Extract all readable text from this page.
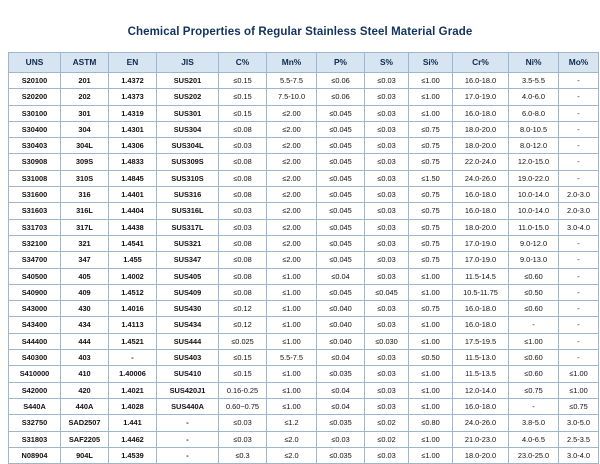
Chemical Properties of Regular Stainless Steel Material Grade
UNS	ASTM	EN	JIS	C%	Mn%	P%	S%	Si%	Cr%	Ni%	Mo%
S20100	201	1.4372	SUS201	≤0.15	5.5-7.5	≤0.06	≤0.03	≤1.00	16.0-18.0	3.5-5.5	-
S20200	202	1.4373	SUS202	≤0.15	7.5-10.0	≤0.06	≤0.03	≤1.00	17.0-19.0	4.0-6.0	-
S30100	301	1.4319	SUS301	≤0.15	≤2.00	≤0.045	≤0.03	≤1.00	16.0-18.0	6.0-8.0	-
S30400	304	1.4301	SUS304	≤0.08	≤2.00	≤0.045	≤0.03	≤0.75	18.0-20.0	8.0-10.5	-
S30403	304L	1.4306	SUS304L	≤0.03	≤2.00	≤0.045	≤0.03	≤0.75	18.0-20.0	8.0-12.0	-
S30908	309S	1.4833	SUS309S	≤0.08	≤2.00	≤0.045	≤0.03	≤0.75	22.0-24.0	12.0-15.0	-
S31008	310S	1.4845	SUS310S	≤0.08	≤2.00	≤0.045	≤0.03	≤1.50	24.0-26.0	19.0-22.0	-
S31600	316	1.4401	SUS316	≤0.08	≤2.00	≤0.045	≤0.03	≤0.75	16.0-18.0	10.0-14.0	2.0-3.0
S31603	316L	1.4404	SUS316L	≤0.03	≤2.00	≤0.045	≤0.03	≤0.75	16.0-18.0	10.0-14.0	2.0-3.0
S31703	317L	1.4438	SUS317L	≤0.03	≤2.00	≤0.045	≤0.03	≤0.75	18.0-20.0	11.0-15.0	3.0-4.0
S32100	321	1.4541	SUS321	≤0.08	≤2.00	≤0.045	≤0.03	≤0.75	17.0-19.0	9.0-12.0	-
S34700	347	1.455	SUS347	≤0.08	≤2.00	≤0.045	≤0.03	≤0.75	17.0-19.0	9.0-13.0	-
S40500	405	1.4002	SUS405	≤0.08	≤1.00	≤0.04	≤0.03	≤1.00	11.5-14.5	≤0.60	-
S40900	409	1.4512	SUS409	≤0.08	≤1.00	≤0.045	≤0.045	≤1.00	10.5-11.75	≤0.50	-
S43000	430	1.4016	SUS430	≤0.12	≤1.00	≤0.040	≤0.03	≤0.75	16.0-18.0	≤0.60	-
S43400	434	1.4113	SUS434	≤0.12	≤1.00	≤0.040	≤0.03	≤1.00	16.0-18.0	-	-
S44400	444	1.4521	SUS444	≤0.025	≤1.00	≤0.040	≤0.030	≤1.00	17.5-19.5	≤1.00	-
S40300	403	-	SUS403	≤0.15	5.5-7.5	≤0.04	≤0.03	≤0.50	11.5-13.0	≤0.60	-
S410000	410	1.40006	SUS410	≤0.15	≤1.00	≤0.035	≤0.03	≤1.00	11.5-13.5	≤0.60	≤1.00
S42000	420	1.4021	SUS420J1	0.16-0.25	≤1.00	≤0.04	≤0.03	≤1.00	12.0-14.0	≤0.75	≤1.00
S440A	440A	1.4028	SUS440A	0.60~0.75	≤1.00	≤0.04	≤0.03	≤1.00	16.0-18.0	-	≤0.75
S32750	SAD2507	1.441	-	≤0.03	≤1.2	≤0.035	≤0.02	≤0.80	24.0-26.0	3.8-5.0	3.0-5.0
S31803	SAF2205	1.4462	-	≤0.03	≤2.0	≤0.03	≤0.02	≤1.00	21.0-23.0	4.0-6.5	2.5-3.5
N08904	904L	1.4539	-	≤0.3	≤2.0	≤0.035	≤0.03	≤1.00	18.0-20.0	23.0-25.0	3.0-4.0
